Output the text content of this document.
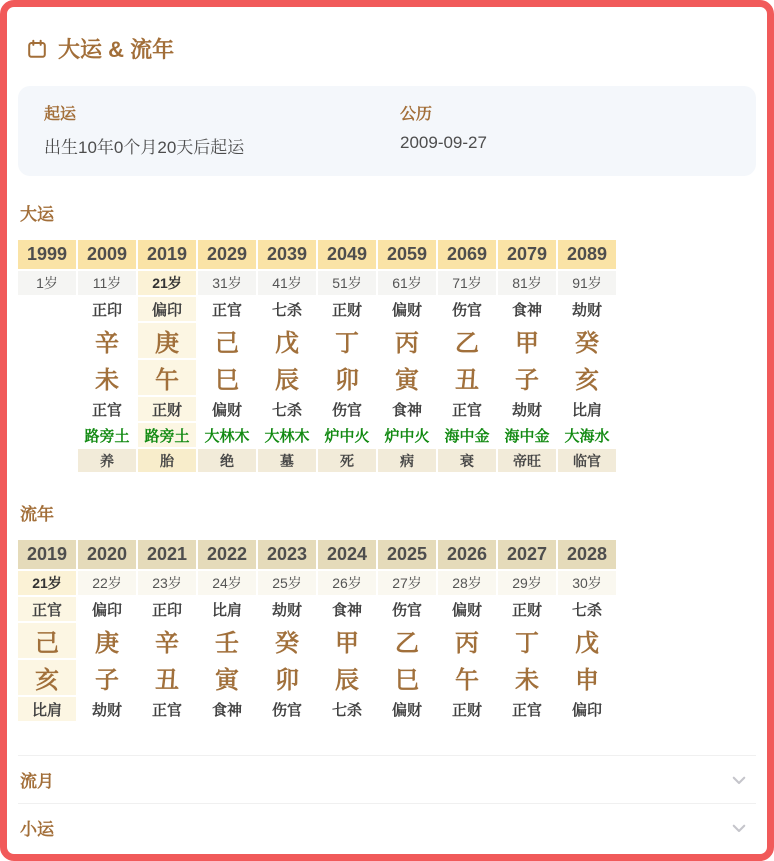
大运 & 流年
起运
出生10年0个月20天后起运
公历
2009-09-27
大运
1999	2009	2019	2029	2039	2049	2059	2069	2079	2089
1岁	11岁	21岁	31岁	41岁	51岁	61岁	71岁	81岁	91岁
	正印	偏印	正官	七杀	正财	偏财	伤官	食神	劫财
	辛	庚	己	戊	丁	丙	乙	甲	癸
	未	午	巳	辰	卯	寅	丑	子	亥
	正官	正财	偏财	七杀	伤官	食神	正官	劫财	比肩
	路旁土	路旁土	大林木	大林木	炉中火	炉中火	海中金	海中金	大海水
	养	胎	绝	墓	死	病	衰	帝旺	临官
流年
2019	2020	2021	2022	2023	2024	2025	2026	2027	2028
21岁	22岁	23岁	24岁	25岁	26岁	27岁	28岁	29岁	30岁
正官	偏印	正印	比肩	劫财	食神	伤官	偏财	正财	七杀
己	庚	辛	壬	癸	甲	乙	丙	丁	戊
亥	子	丑	寅	卯	辰	巳	午	未	申
比肩	劫财	正官	食神	伤官	七杀	偏财	正财	正官	偏印
流月
小运
